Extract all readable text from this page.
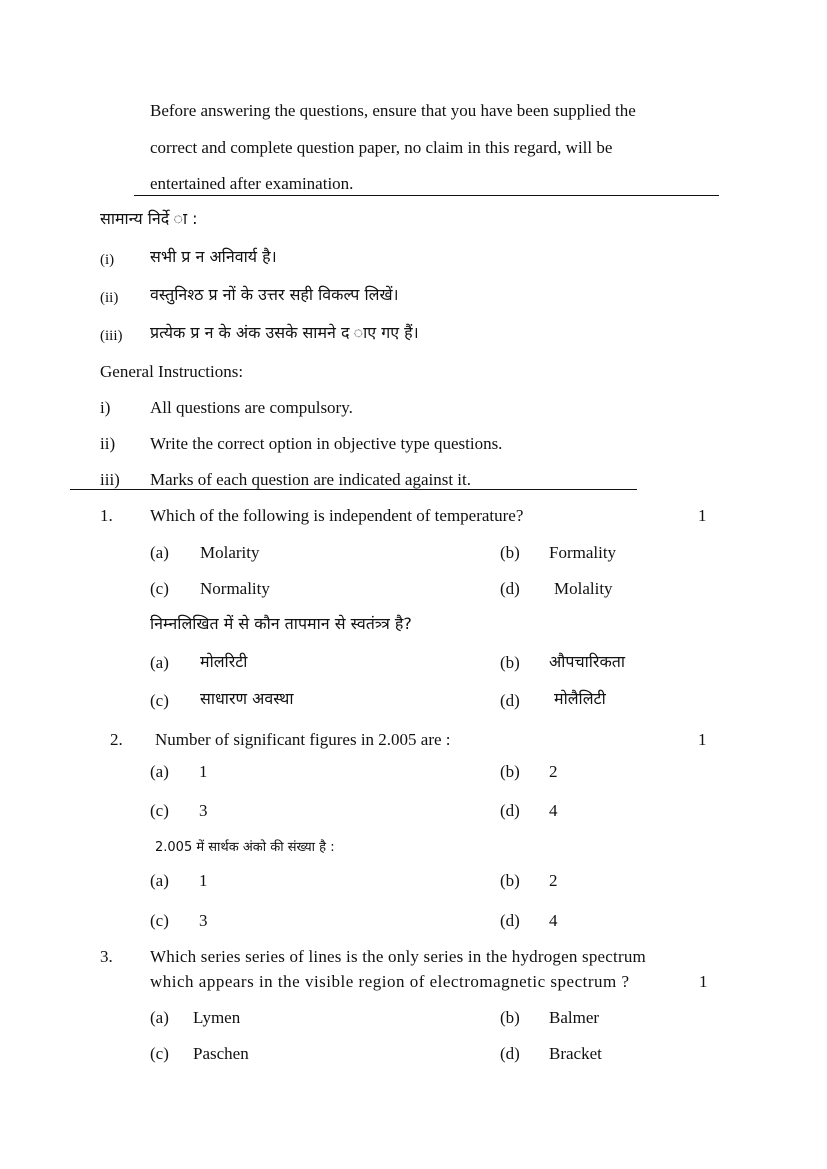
Before answering the questions, ensure that you have been supplied the
correct and complete question paper, no claim in this regard, will be
entertained after examination.
सामान्य निर्दे ा :
(i) सभी प्र न अनिवार्य है।
(ii) वस्तुनिश्ठ प्र नों के उत्तर सही विकल्प लिखें।
(iii) प्रत्येक प्र न के अंक उसके सामने द ाए गए हैं।
General Instructions:
i) All questions are compulsory.
ii) Write the correct option in objective type questions.
iii) Marks of each question are indicated against it.
1. Which of the following is independent of temperature?	1
(a) Molarity	(b) Formality
(c) Normality	(d) Molality
निम्नलिखित में से कौन तापमान से स्वतंत्र्त्र है?
(a) मोलरिटी	(b) औपचारिकता
(c) साधारण अवस्था	(d) मोलैलिटी
2. Number of significant figures in 2.005 are :	1
(a) 1	(b) 2
(c) 3	(d) 4
2.005 में सार्थक अंको की संख्या है :
(a) 1	(b) 2
(c) 3	(d) 4
3. Which series series of lines is the only series in the hydrogen spectrum
which appears in the visible region of electromagnetic spectrum ?	1
(a) Lymen	(b) Balmer
(c) Paschen	(d) Bracket
